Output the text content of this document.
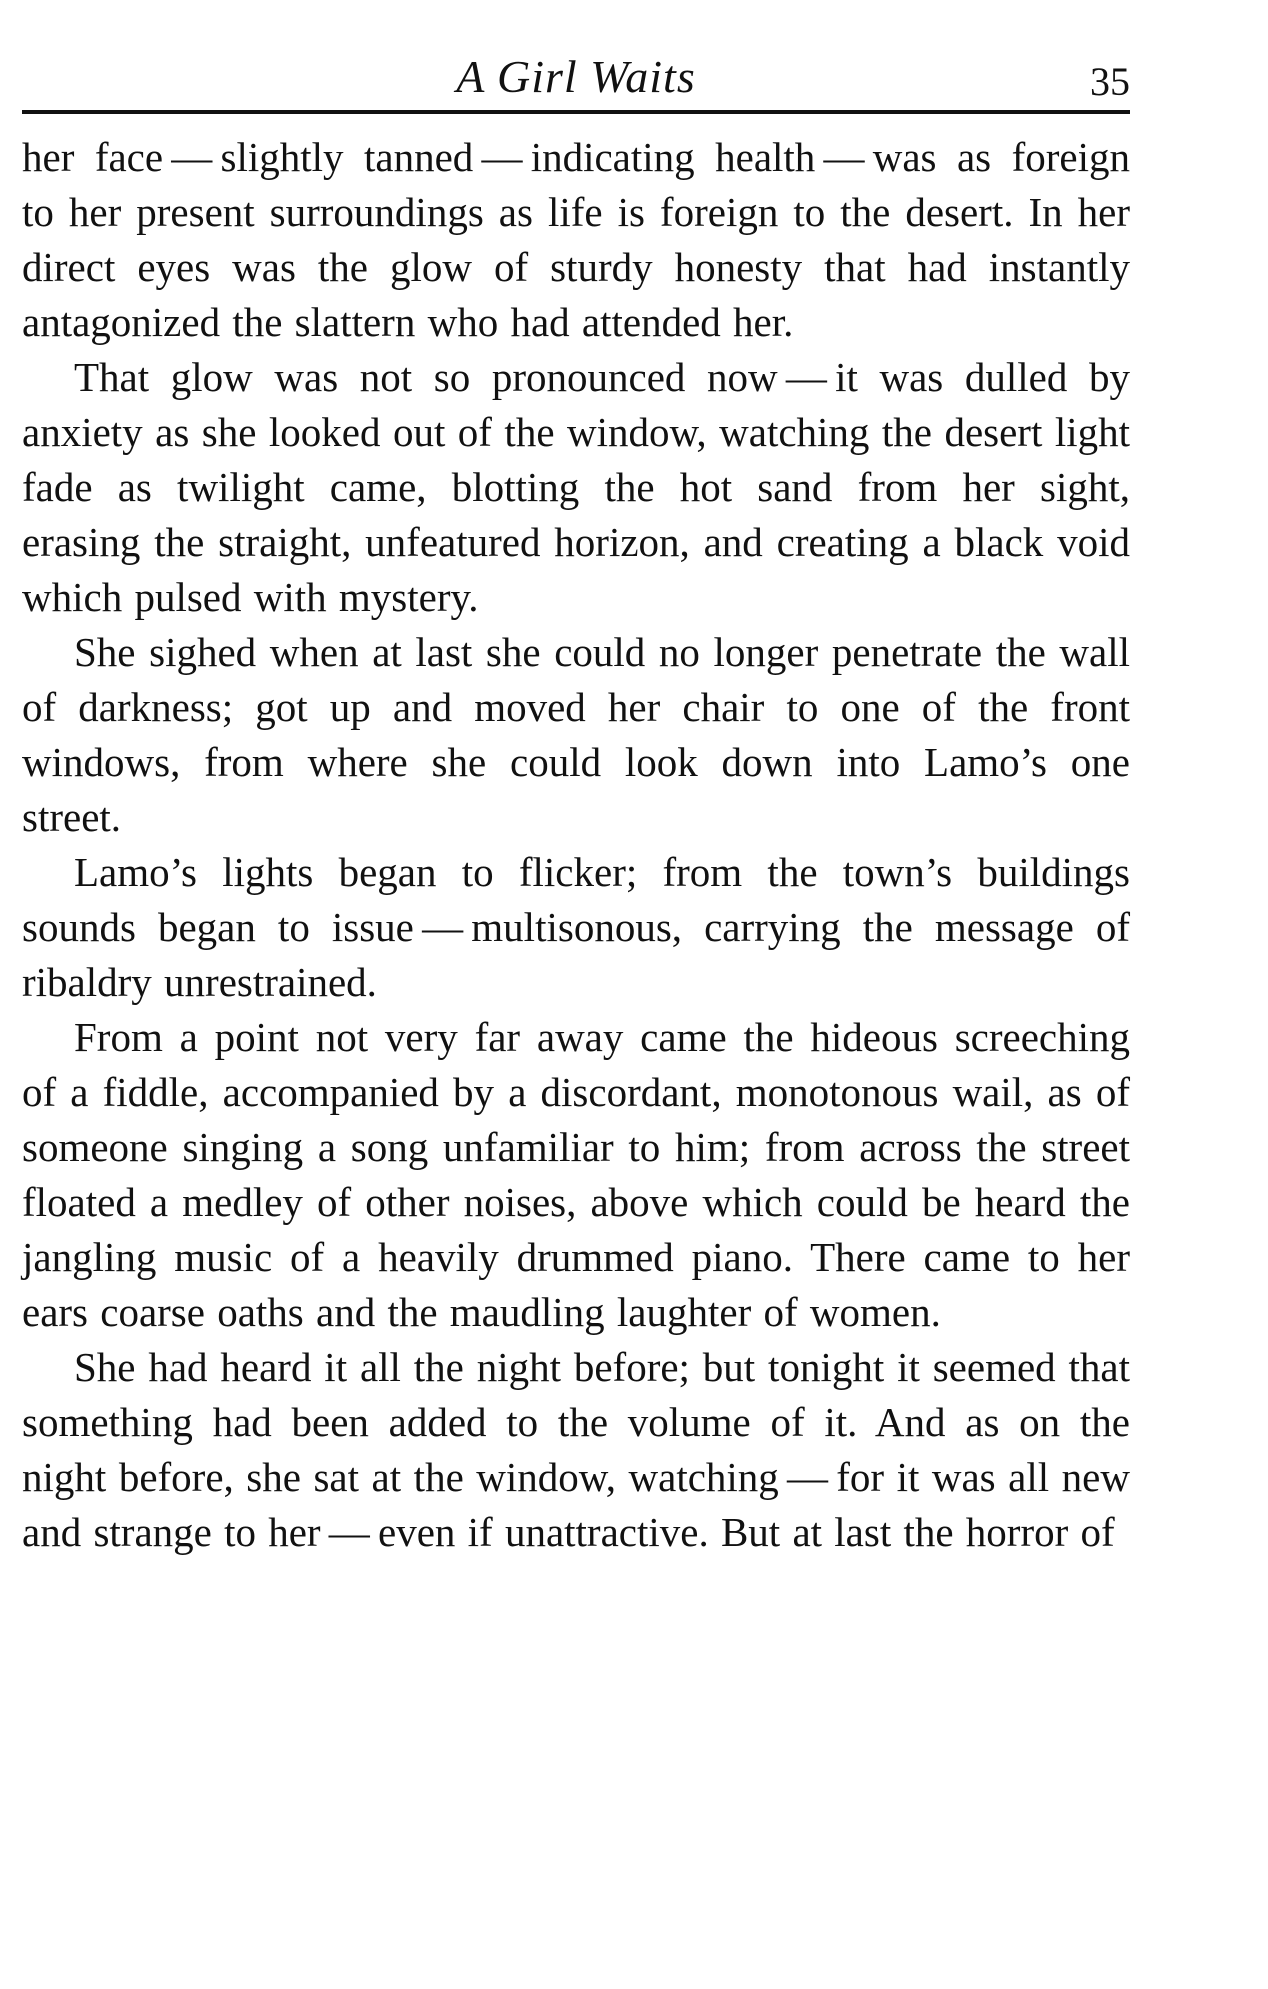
A Girl Waits	35

her face — slightly tanned — indicating health — was as foreign to her present surroundings as life is foreign to the desert. In her direct eyes was the glow of sturdy honesty that had instantly antagonized the slattern who had attended her.

That glow was not so pronounced now — it was dulled by anxiety as she looked out of the window, watching the desert light fade as twilight came, blotting the hot sand from her sight, erasing the straight, unfeatured horizon, and creating a black void which pulsed with mystery.

She sighed when at last she could no longer penetrate the wall of darkness; got up and moved her chair to one of the front windows, from where she could look down into Lamo’s one street.

Lamo’s lights began to flicker; from the town’s buildings sounds began to issue — multisonous, carrying the message of ribaldry unrestrained.

From a point not very far away came the hideous screeching of a fiddle, accompanied by a discordant, monotonous wail, as of someone singing a song unfamiliar to him; from across the street floated a medley of other noises, above which could be heard the jangling music of a heavily drummed piano. There came to her ears coarse oaths and the maudling laughter of women.

She had heard it all the night before; but tonight it seemed that something had been added to the volume of it. And as on the night before, she sat at the window, watching — for it was all new and strange to her — even if unattractive. But at last the horror of
